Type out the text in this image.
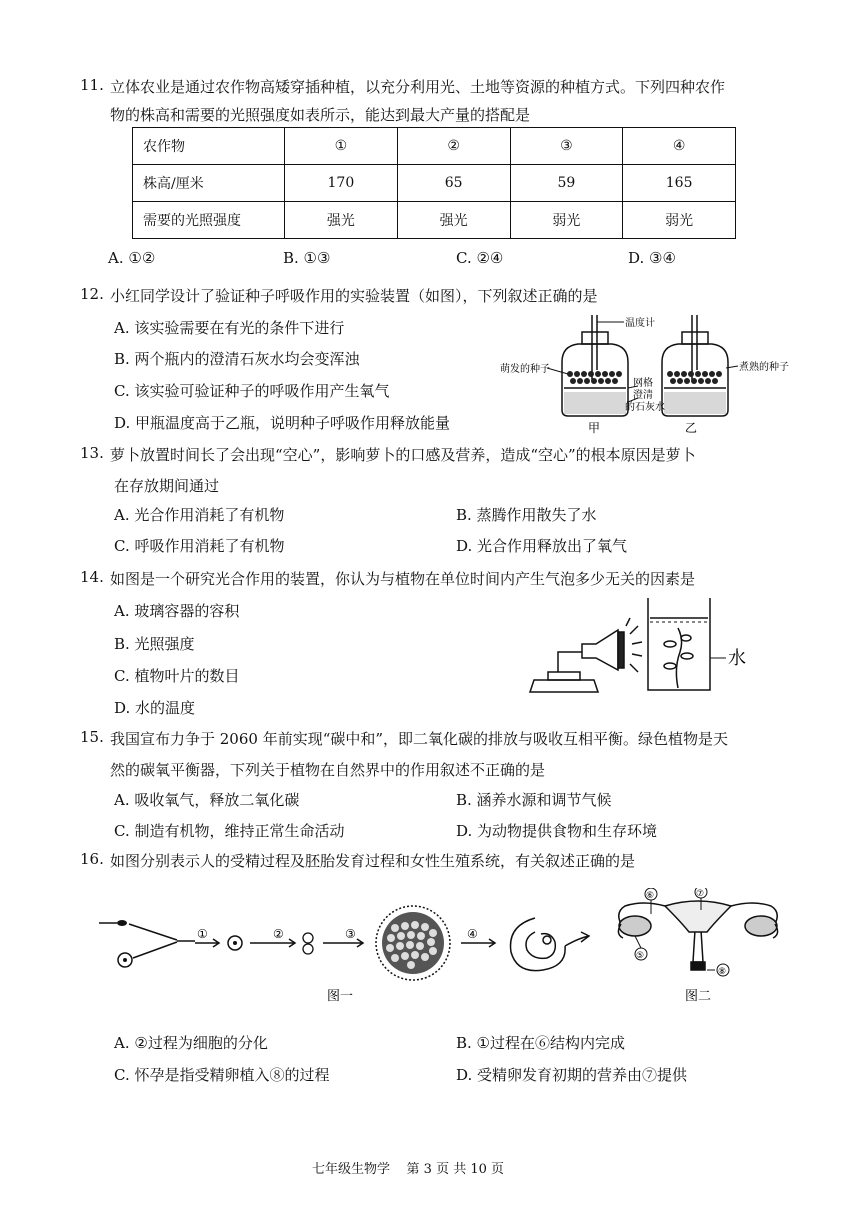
11. 立体农业是通过农作物高矮穿插种植，以充分利用光、土地等资源的种植方式。下列四种农作
物的株高和需要的光照强度如表所示，能达到最大产量的搭配是
农作物	①	②	③	④
株高/厘米	170	65	59	165
需要的光照强度	强光	强光	弱光	弱光
A. ①②	B. ①③	C. ②④	D. ③④
12. 小红同学设计了验证种子呼吸作用的实验装置（如图），下列叙述正确的是
A. 该实验需要在有光的条件下进行
B. 两个瓶内的澄清石灰水均会变浑浊
C. 该实验可验证种子的呼吸作用产生氧气
D. 甲瓶温度高于乙瓶，说明种子呼吸作用释放能量
温度计
萌发的种子	煮熟的种子
网格
澄清
的石灰水
甲	乙
13. 萝卜放置时间长了会出现“空心”，影响萝卜的口感及营养，造成“空心”的根本原因是萝卜
在存放期间通过
A. 光合作用消耗了有机物	B. 蒸腾作用散失了水
C. 呼吸作用消耗了有机物	D. 光合作用释放出了氧气
14. 如图是一个研究光合作用的装置，你认为与植物在单位时间内产生气泡多少无关的因素是
A. 玻璃容器的容积
B. 光照强度
C. 植物叶片的数目
D. 水的温度
水
15. 我国宣布力争于 2060 年前实现“碳中和”，即二氧化碳的排放与吸收互相平衡。绿色植物是天
然的碳氧平衡器，下列关于植物在自然界中的作用叙述不正确的是
A. 吸收氧气，释放二氧化碳	B. 涵养水源和调节气候
C. 制造有机物，维持正常生命活动	D. 为动物提供食物和生存环境
16. 如图分别表示人的受精过程及胚胎发育过程和女性生殖系统，有关叙述正确的是
①	②	③	④
图一
⑥	⑦
⑤
⑧
图二
A. ②过程为细胞的分化	B. ①过程在⑥结构内完成
C. 怀孕是指受精卵植入⑧的过程	D. 受精卵发育初期的营养由⑦提供
七年级生物学    第 3 页 共 10 页
